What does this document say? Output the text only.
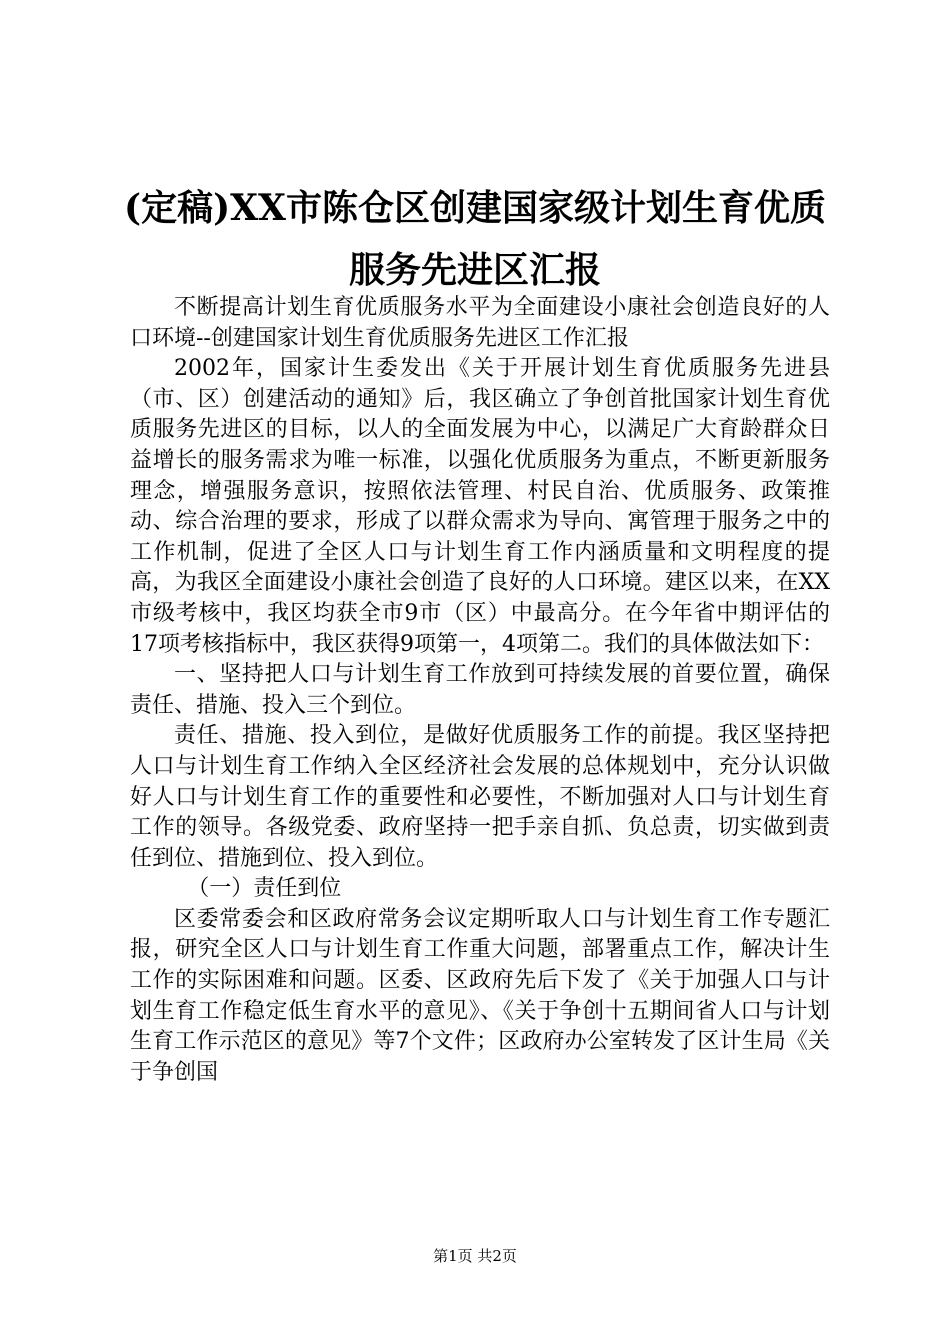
(定稿)XX市陈仓区创建国家级计划生育优质
服务先进区汇报

不断提高计划生育优质服务水平为全面建设小康社会创造良好的人口环境--创建国家计划生育优质服务先进区工作汇报

2002年，国家计生委发出《关于开展计划生育优质服务先进县（市、区）创建活动的通知》后，我区确立了争创首批国家计划生育优质服务先进区的目标，以人的全面发展为中心，以满足广大育龄群众日益增长的服务需求为唯一标准，以强化优质服务为重点，不断更新服务理念，增强服务意识，按照依法管理、村民自治、优质服务、政策推动、综合治理的要求，形成了以群众需求为导向、寓管理于服务之中的工作机制，促进了全区人口与计划生育工作内涵质量和文明程度的提高，为我区全面建设小康社会创造了良好的人口环境。建区以来，在XX市级考核中，我区均获全市9市（区）中最高分。在今年省中期评估的17项考核指标中，我区获得9项第一，4项第二。我们的具体做法如下：

一、坚持把人口与计划生育工作放到可持续发展的首要位置，确保责任、措施、投入三个到位。

责任、措施、投入到位，是做好优质服务工作的前提。我区坚持把人口与计划生育工作纳入全区经济社会发展的总体规划中，充分认识做好人口与计划生育工作的重要性和必要性，不断加强对人口与计划生育工作的领导。各级党委、政府坚持一把手亲自抓、负总责，切实做到责任到位、措施到位、投入到位。

（一）责任到位

区委常委会和区政府常务会议定期听取人口与计划生育工作专题汇报，研究全区人口与计划生育工作重大问题，部署重点工作，解决计生工作的实际困难和问题。区委、区政府先后下发了《关于加强人口与计划生育工作稳定低生育水平的意见》、《关于争创十五期间省人口与计划生育工作示范区的意见》等7个文件；区政府办公室转发了区计生局《关于争创国

第1页 共2页
